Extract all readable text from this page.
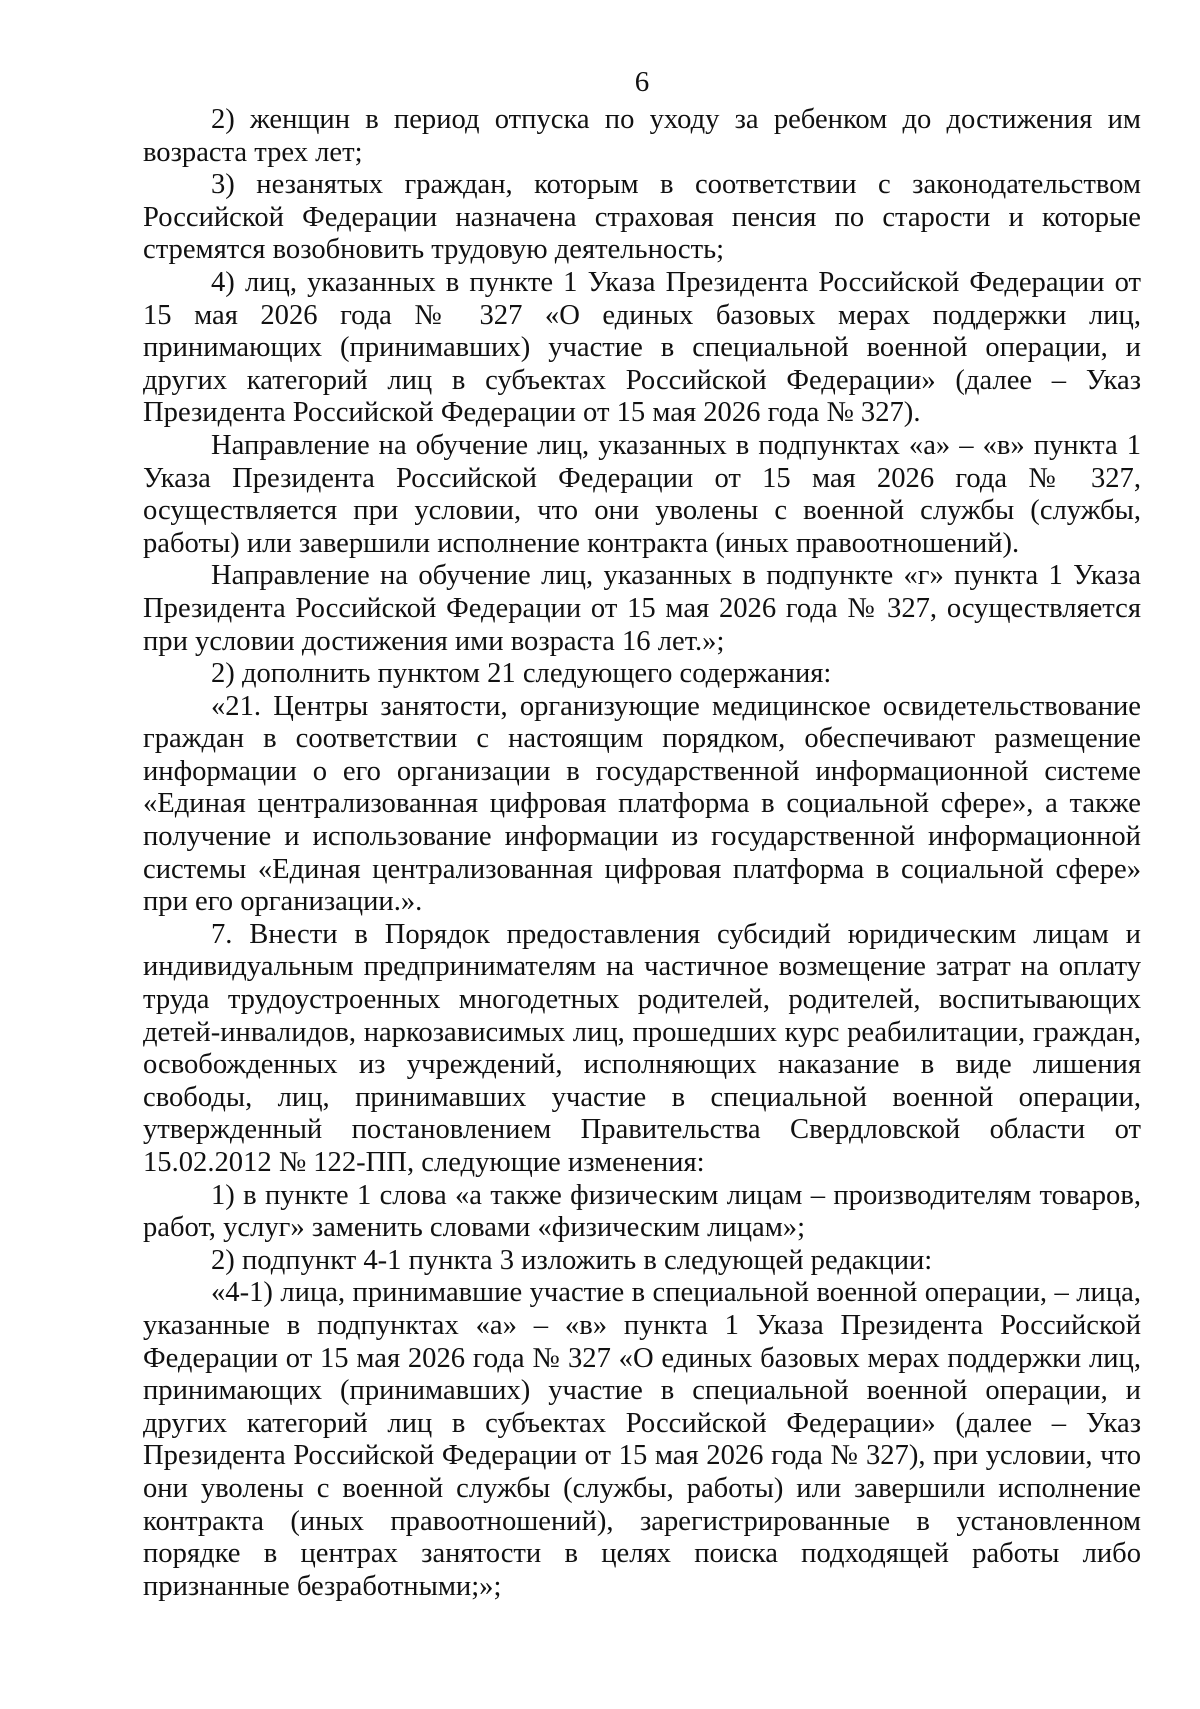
6

2) женщин в период отпуска по уходу за ребенком до достижения им возраста трех лет;

3) незанятых граждан, которым в соответствии с законодательством Российской Федерации назначена страховая пенсия по старости и которые стремятся возобновить трудовую деятельность;

4) лиц, указанных в пункте 1 Указа Президента Российской Федерации от 15 мая 2026 года № 327 «О единых базовых мерах поддержки лиц, принимающих (принимавших) участие в специальной военной операции, и других категорий лиц в субъектах Российской Федерации» (далее – Указ Президента Российской Федерации от 15 мая 2026 года № 327).

Направление на обучение лиц, указанных в подпунктах «а» – «в» пункта 1 Указа Президента Российской Федерации от 15 мая 2026 года № 327, осуществляется при условии, что они уволены с военной службы (службы, работы) или завершили исполнение контракта (иных правоотношений).

Направление на обучение лиц, указанных в подпункте «г» пункта 1 Указа Президента Российской Федерации от 15 мая 2026 года № 327, осуществляется при условии достижения ими возраста 16 лет.»;

2) дополнить пунктом 21 следующего содержания:

«21. Центры занятости, организующие медицинское освидетельствование граждан в соответствии с настоящим порядком, обеспечивают размещение информации о его организации в государственной информационной системе «Единая централизованная цифровая платформа в социальной сфере», а также получение и использование информации из государственной информационной системы «Единая централизованная цифровая платформа в социальной сфере» при его организации.».

7. Внести в Порядок предоставления субсидий юридическим лицам и индивидуальным предпринимателям на частичное возмещение затрат на оплату труда трудоустроенных многодетных родителей, родителей, воспитывающих детей-инвалидов, наркозависимых лиц, прошедших курс реабилитации, граждан, освобожденных из учреждений, исполняющих наказание в виде лишения свободы, лиц, принимавших участие в специальной военной операции, утвержденный постановлением Правительства Свердловской области от 15.02.2012 № 122-ПП, следующие изменения:

1) в пункте 1 слова «а также физическим лицам – производителям товаров, работ, услуг» заменить словами «физическим лицам»;

2) подпункт 4-1 пункта 3 изложить в следующей редакции:

«4-1) лица, принимавшие участие в специальной военной операции, – лица, указанные в подпунктах «а» – «в» пункта 1 Указа Президента Российской Федерации от 15 мая 2026 года № 327 «О единых базовых мерах поддержки лиц, принимающих (принимавших) участие в специальной военной операции, и других категорий лиц в субъектах Российской Федерации» (далее – Указ Президента Российской Федерации от 15 мая 2026 года № 327), при условии, что они уволены с военной службы (службы, работы) или завершили исполнение контракта (иных правоотношений), зарегистрированные в установленном порядке в центрах занятости в целях поиска подходящей работы либо признанные безработными;»;
